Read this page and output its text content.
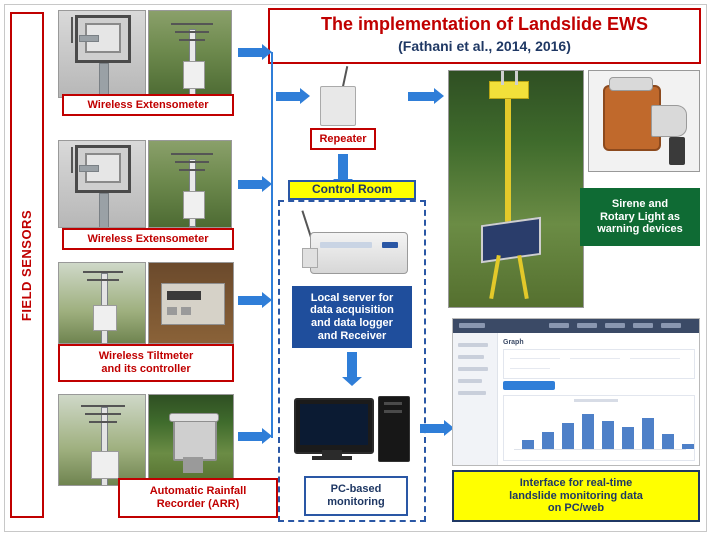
FIELD SENSORS
The implementation of Landslide EWS
(Fathani et al., 2014, 2016)
Wireless Extensometer
Wireless Extensometer
Wireless Tiltmeter
and its controller
Automatic Rainfall
Recorder (ARR)
Repeater
Control Room
Local server for
data acquisition
and data logger
and Receiver
PC-based
monitoring
Sirene and
Rotary Light as
warning devices
Graph
Interface for real-time
landslide monitoring data
on PC/web
